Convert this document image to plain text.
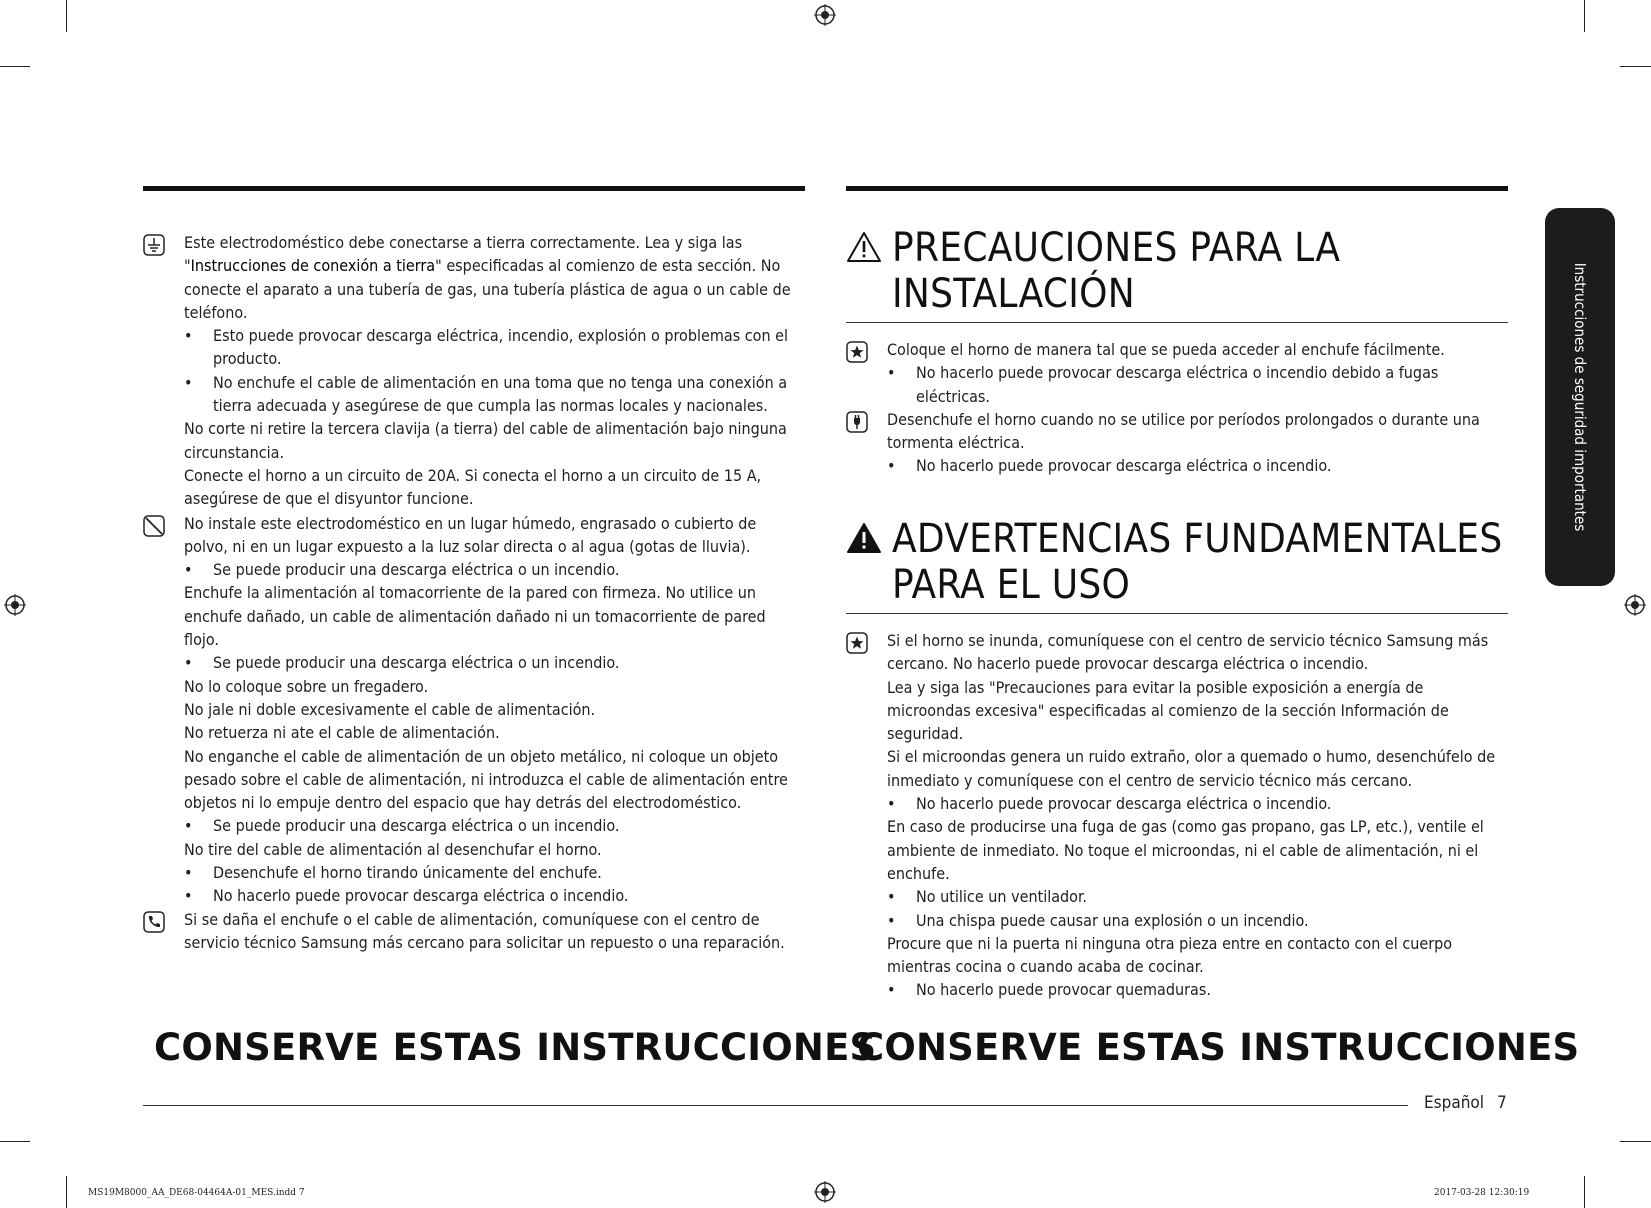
Instrucciones de seguridad importantes

Este electrodoméstico debe conectarse a tierra correctamente. Lea y siga las "Instrucciones de conexión a tierra" especificadas al comienzo de esta sección. No conecte el aparato a una tubería de gas, una tubería plástica de agua o un cable de teléfono.

• Esto puede provocar descarga eléctrica, incendio, explosión o problemas con el producto.

• No enchufe el cable de alimentación en una toma que no tenga una conexión a tierra adecuada y asegúrese de que cumpla las normas locales y nacionales.

No corte ni retire la tercera clavija (a tierra) del cable de alimentación bajo ninguna circunstancia.

Conecte el horno a un circuito de 20A. Si conecta el horno a un circuito de 15 A, asegúrese de que el disyuntor funcione.

No instale este electrodoméstico en un lugar húmedo, engrasado o cubierto de polvo, ni en un lugar expuesto a la luz solar directa o al agua (gotas de lluvia).

• Se puede producir una descarga eléctrica o un incendio.

Enchufe la alimentación al tomacorriente de la pared con firmeza. No utilice un enchufe dañado, un cable de alimentación dañado ni un tomacorriente de pared flojo.

• Se puede producir una descarga eléctrica o un incendio.

No lo coloque sobre un fregadero.

No jale ni doble excesivamente el cable de alimentación.

No retuerza ni ate el cable de alimentación.

No enganche el cable de alimentación de un objeto metálico, ni coloque un objeto pesado sobre el cable de alimentación, ni introduzca el cable de alimentación entre objetos ni lo empuje dentro del espacio que hay detrás del electrodoméstico.

• Se puede producir una descarga eléctrica o un incendio.

No tire del cable de alimentación al desenchufar el horno.

• Desenchufe el horno tirando únicamente del enchufe.

• No hacerlo puede provocar descarga eléctrica o incendio.

Si se daña el enchufe o el cable de alimentación, comuníquese con el centro de servicio técnico Samsung más cercano para solicitar un repuesto o una reparación.

CONSERVE ESTAS INSTRUCCIONES
PRECAUCIONES PARA LA
INSTALACIÓN

Coloque el horno de manera tal que se pueda acceder al enchufe fácilmente.

• No hacerlo puede provocar descarga eléctrica o incendio debido a fugas eléctricas.

Desenchufe el horno cuando no se utilice por períodos prolongados o durante una tormenta eléctrica.

• No hacerlo puede provocar descarga eléctrica o incendio.

ADVERTENCIAS FUNDAMENTALES
PARA EL USO

Si el horno se inunda, comuníquese con el centro de servicio técnico Samsung más cercano. No hacerlo puede provocar descarga eléctrica o incendio.

Lea y siga las "Precauciones para evitar la posible exposición a energía de microondas excesiva" especificadas al comienzo de la sección Información de seguridad.

Si el microondas genera un ruido extraño, olor a quemado o humo, desenchúfelo de inmediato y comuníquese con el centro de servicio técnico más cercano.

• No hacerlo puede provocar descarga eléctrica o incendio.

En caso de producirse una fuga de gas (como gas propano, gas LP, etc.), ventile el ambiente de inmediato. No toque el microondas, ni el cable de alimentación, ni el enchufe.

• No utilice un ventilador.

• Una chispa puede causar una explosión o un incendio.

Procure que ni la puerta ni ninguna otra pieza entre en contacto con el cuerpo mientras cocina o cuando acaba de cocinar.

• No hacerlo puede provocar quemaduras.

CONSERVE ESTAS INSTRUCCIONES
Español 7
MS19M8000_AA_DE68-04464A-01_MES.indd 7	2017-03-28 12:30:19
